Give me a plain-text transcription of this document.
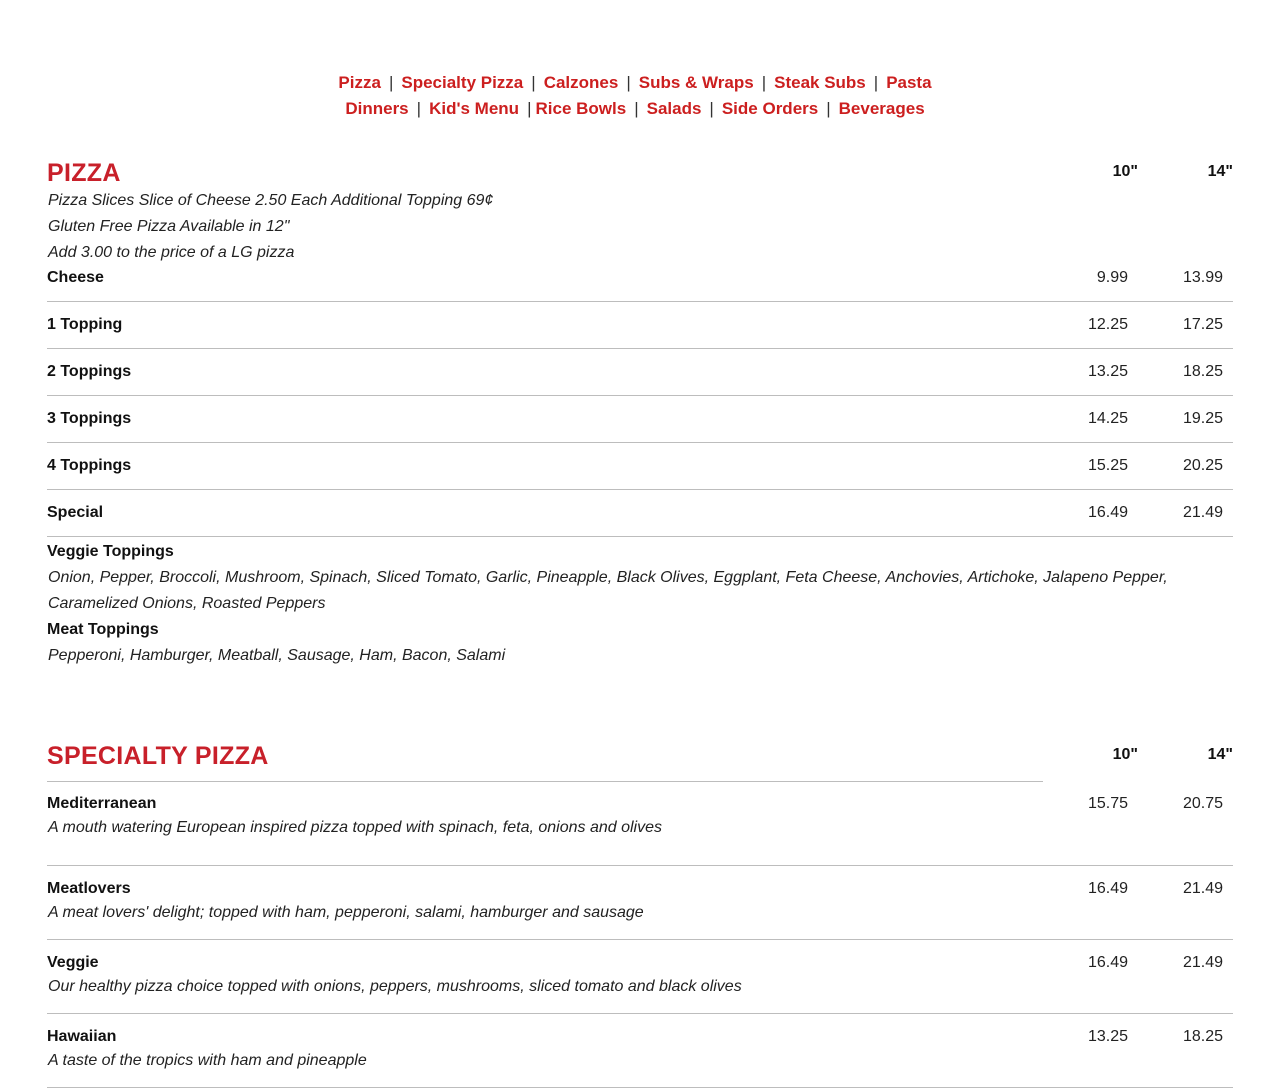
Pizza | Specialty Pizza | Calzones | Subs & Wraps | Steak Subs | Pasta
Dinners | Kid's Menu | Rice Bowls | Salads | Side Orders | Beverages
PIZZA	10"	14"
Pizza Slices Slice of Cheese 2.50 Each Additional Topping 69¢
Gluten Free Pizza Available in 12"
Add 3.00 to the price of a LG pizza
Cheese	9.99	13.99
1 Topping	12.25	17.25
2 Toppings	13.25	18.25
3 Toppings	14.25	19.25
4 Toppings	15.25	20.25
Special	16.49	21.49
Veggie Toppings
Onion, Pepper, Broccoli, Mushroom, Spinach, Sliced Tomato, Garlic, Pineapple, Black Olives, Eggplant, Feta Cheese, Anchovies, Artichoke, Jalapeno Pepper, Caramelized Onions, Roasted Peppers
Meat Toppings
Pepperoni, Hamburger, Meatball, Sausage, Ham, Bacon, Salami
SPECIALTY PIZZA	10"	14"
Mediterranean
A mouth watering European inspired pizza topped with spinach, feta, onions and olives
15.75	20.75
Meatlovers
A meat lovers' delight; topped with ham, pepperoni, salami, hamburger and sausage
16.49	21.49
Veggie
Our healthy pizza choice topped with onions, peppers, mushrooms, sliced tomato and black olives
16.49	21.49
Hawaiian
A taste of the tropics with ham and pineapple
13.25	18.25
